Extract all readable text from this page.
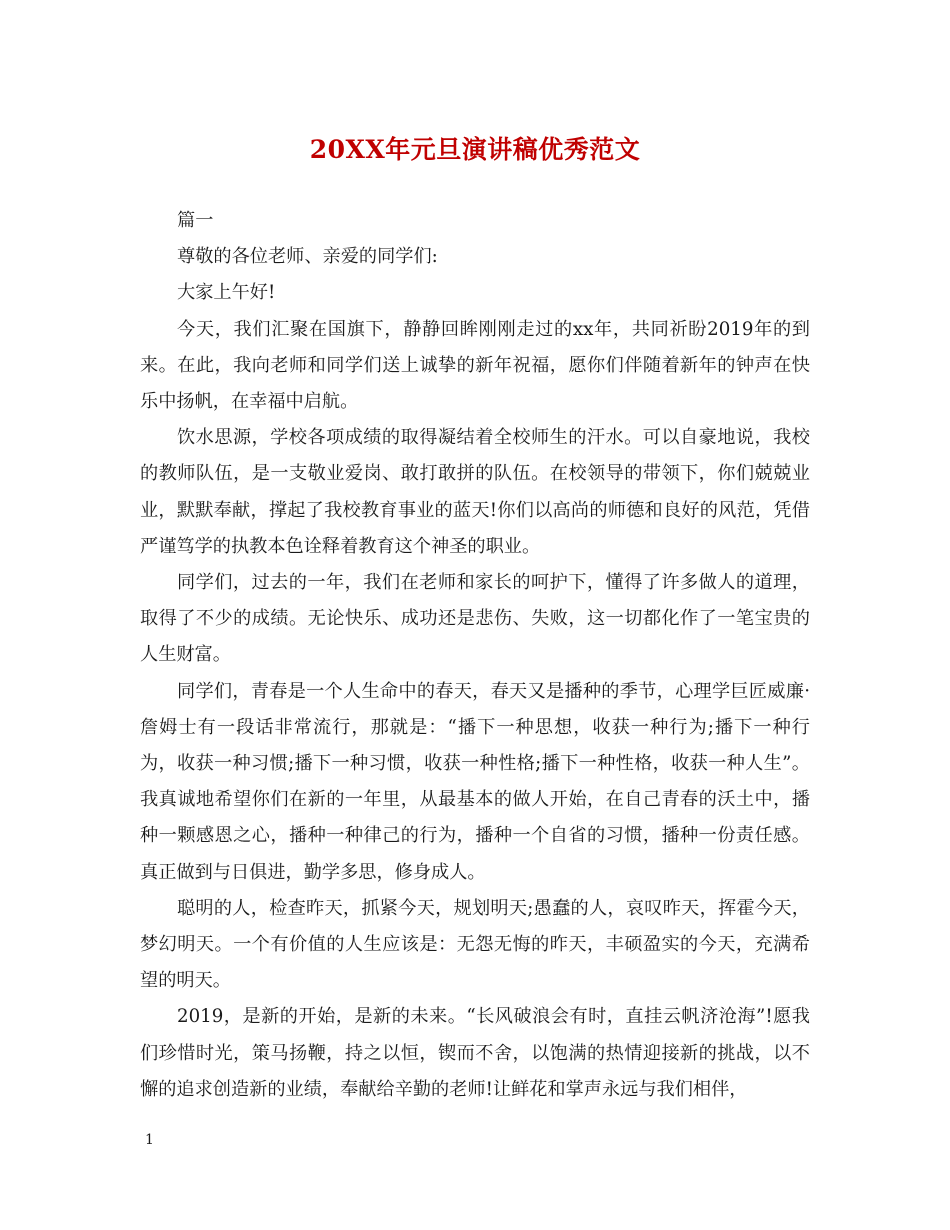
20XX年元旦演讲稿优秀范文

篇一

尊敬的各位老师、亲爱的同学们:

大家上午好!

今天，我们汇聚在国旗下，静静回眸刚刚走过的xx年，共同祈盼2019年的到来。在此，我向老师和同学们送上诚挚的新年祝福，愿你们伴随着新年的钟声在快乐中扬帆，在幸福中启航。

饮水思源，学校各项成绩的取得凝结着全校师生的汗水。可以自豪地说，我校的教师队伍，是一支敬业爱岗、敢打敢拼的队伍。在校领导的带领下，你们兢兢业业，默默奉献，撑起了我校教育事业的蓝天!你们以高尚的师德和良好的风范，凭借严谨笃学的执教本色诠释着教育这个神圣的职业。

同学们，过去的一年，我们在老师和家长的呵护下，懂得了许多做人的道理，取得了不少的成绩。无论快乐、成功还是悲伤、失败，这一切都化作了一笔宝贵的人生财富。

同学们，青春是一个人生命中的春天，春天又是播种的季节，心理学巨匠威廉·詹姆士有一段话非常流行，那就是：“播下一种思想，收获一种行为;播下一种行为，收获一种习惯;播下一种习惯，收获一种性格;播下一种性格，收获一种人生”。我真诚地希望你们在新的一年里，从最基本的做人开始，在自己青春的沃土中，播种一颗感恩之心，播种一种律己的行为，播种一个自省的习惯，播种一份责任感。真正做到与日俱进，勤学多思，修身成人。

聪明的人，检查昨天，抓紧今天，规划明天;愚蠢的人，哀叹昨天，挥霍今天，梦幻明天。一个有价值的人生应该是：无怨无悔的昨天，丰硕盈实的今天，充满希望的明天。

2019，是新的开始，是新的未来。“长风破浪会有时，直挂云帆济沧海”!愿我们珍惜时光，策马扬鞭，持之以恒，锲而不舍，以饱满的热情迎接新的挑战，以不懈的追求创造新的业绩，奉献给辛勤的老师!让鲜花和掌声永远与我们相伴，

1
